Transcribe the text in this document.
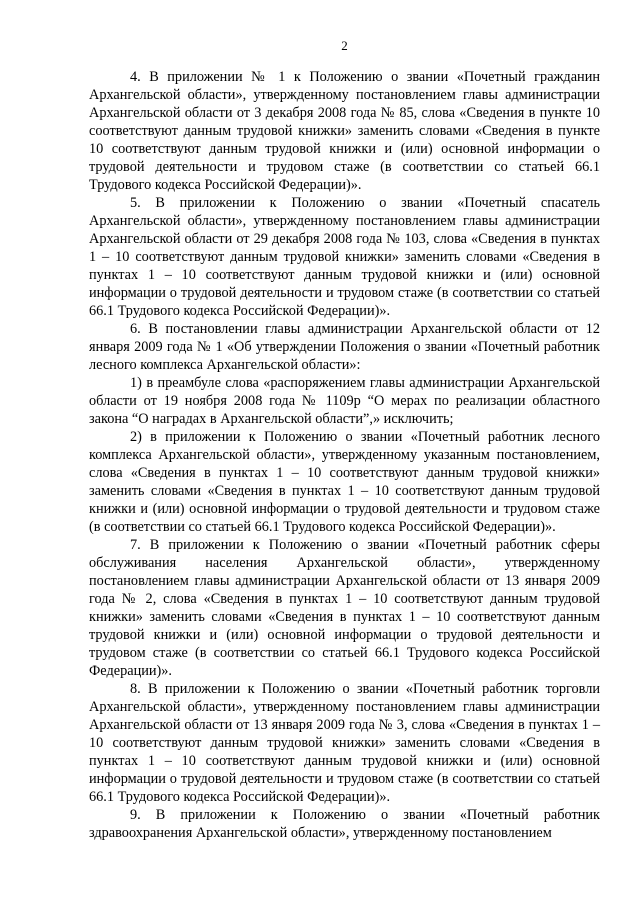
2

4. В приложении № 1 к Положению о звании «Почетный гражданин Архангельской области», утвержденному постановлением главы администрации Архангельской области от 3 декабря 2008 года № 85, слова «Сведения в пункте 10 соответствуют данным трудовой книжки» заменить словами «Сведения в пункте 10 соответствуют данным трудовой книжки и (или) основной информации о трудовой деятельности и трудовом стаже (в соответствии со статьей 66.1 Трудового кодекса Российской Федерации)».

5. В приложении к Положению о звании «Почетный спасатель Архангельской области», утвержденному постановлением главы администрации Архангельской области от 29 декабря 2008 года № 103, слова «Сведения в пунктах 1 – 10 соответствуют данным трудовой книжки» заменить словами «Сведения в пунктах 1 – 10 соответствуют данным трудовой книжки и (или) основной информации о трудовой деятельности и трудовом стаже (в соответствии со статьей 66.1 Трудового кодекса Российской Федерации)».

6. В постановлении главы администрации Архангельской области от 12 января 2009 года № 1 «Об утверждении Положения о звании «Почетный работник лесного комплекса Архангельской области»:

1) в преамбуле слова «распоряжением главы администрации Архангельской области от 19 ноября 2008 года № 1109р “О мерах по реализации областного закона “О наградах в Архангельской области”,» исключить;

2) в приложении к Положению о звании «Почетный работник лесного комплекса Архангельской области», утвержденному указанным постановлением, слова «Сведения в пунктах 1 – 10 соответствуют данным трудовой книжки» заменить словами «Сведения в пунктах 1 – 10 соответствуют данным трудовой книжки и (или) основной информации о трудовой деятельности и трудовом стаже (в соответствии со статьей 66.1 Трудового кодекса Российской Федерации)».

7. В приложении к Положению о звании «Почетный работник сферы обслуживания населения Архангельской области», утвержденному постановлением главы администрации Архангельской области от 13 января 2009 года № 2, слова «Сведения в пунктах 1 – 10 соответствуют данным трудовой книжки» заменить словами «Сведения в пунктах 1 – 10 соответствуют данным трудовой книжки и (или) основной информации о трудовой деятельности и трудовом стаже (в соответствии со статьей 66.1 Трудового кодекса Российской Федерации)».

8. В приложении к Положению о звании «Почетный работник торговли Архангельской области», утвержденному постановлением главы администрации Архангельской области от 13 января 2009 года № 3, слова «Сведения в пунктах 1 – 10 соответствуют данным трудовой книжки» заменить словами «Сведения в пунктах 1 – 10 соответствуют данным трудовой книжки и (или) основной информации о трудовой деятельности и трудовом стаже (в соответствии со статьей 66.1 Трудового кодекса Российской Федерации)».

9. В приложении к Положению о звании «Почетный работник здравоохранения Архангельской области», утвержденному постановлением
